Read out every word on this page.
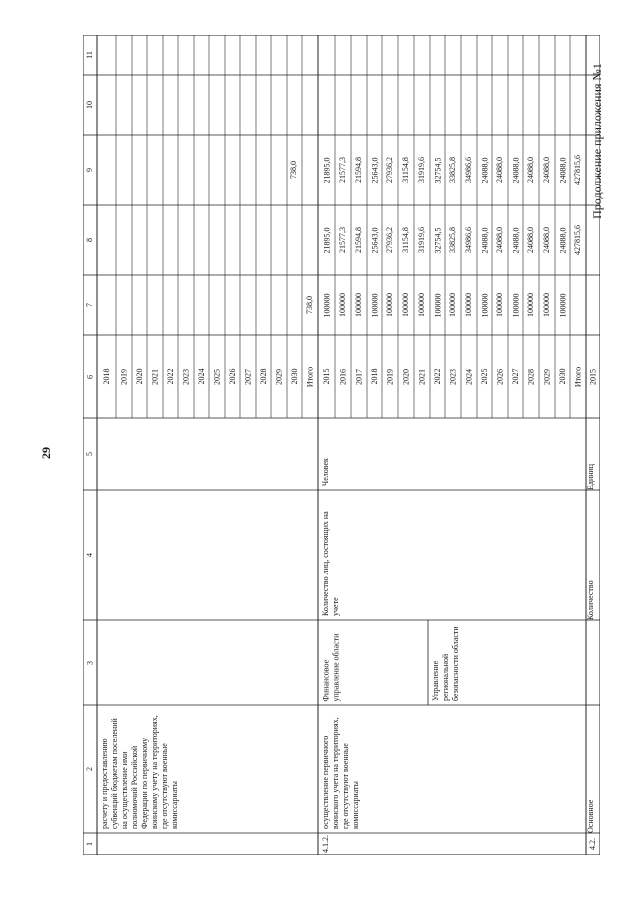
29
Продолжение приложения №1
1
2
3
4
5
6
7
8
9
10
11
расчету и предоставлению субвенций бюджетам поселений на осуществление ими полномочий Российской Федерации по первичному воинскому учету на территориях, где отсутствуют военные комиссариаты
2018	2019 2020 2021 2022 2023 2024 2025 2026 2027 2028 2029 2030 Итого
738,0
738,0
4.1.2.
осуществление первичного воинского учета на территориях, где отсутствуют военные комиссариаты
Финансовое управление области	Управление региональной безопасности области
Количество лиц, состоящих на учете
Человек
2015 2016 2017 2018 2019 2020 2021 2022 2023 2024 2025 2026 2027 2028 2029 2030
100000
21895,0
21895,0
100000
21577,3
21577,3
100000
21594,8
21594,8
100000
25643,0
25643,0
100000
27936,2
27936,2
100000
31154,8
31154,8
100000
31919,6
31919,6
100000
32754,5
32754,5
100000
33825,8
33825,8
100000
34986,6
34986,6
100000
24088,0
24088,0
100000
24088,0
24088,0
100000
24088,0
24088,0
100000
24088,0
24088,0
100000
24088,0
24088,0
100000
24088,0
24088,0
Итого
427815,6
427815,6
4.2.
Основное
Количество
Единиц
2015
